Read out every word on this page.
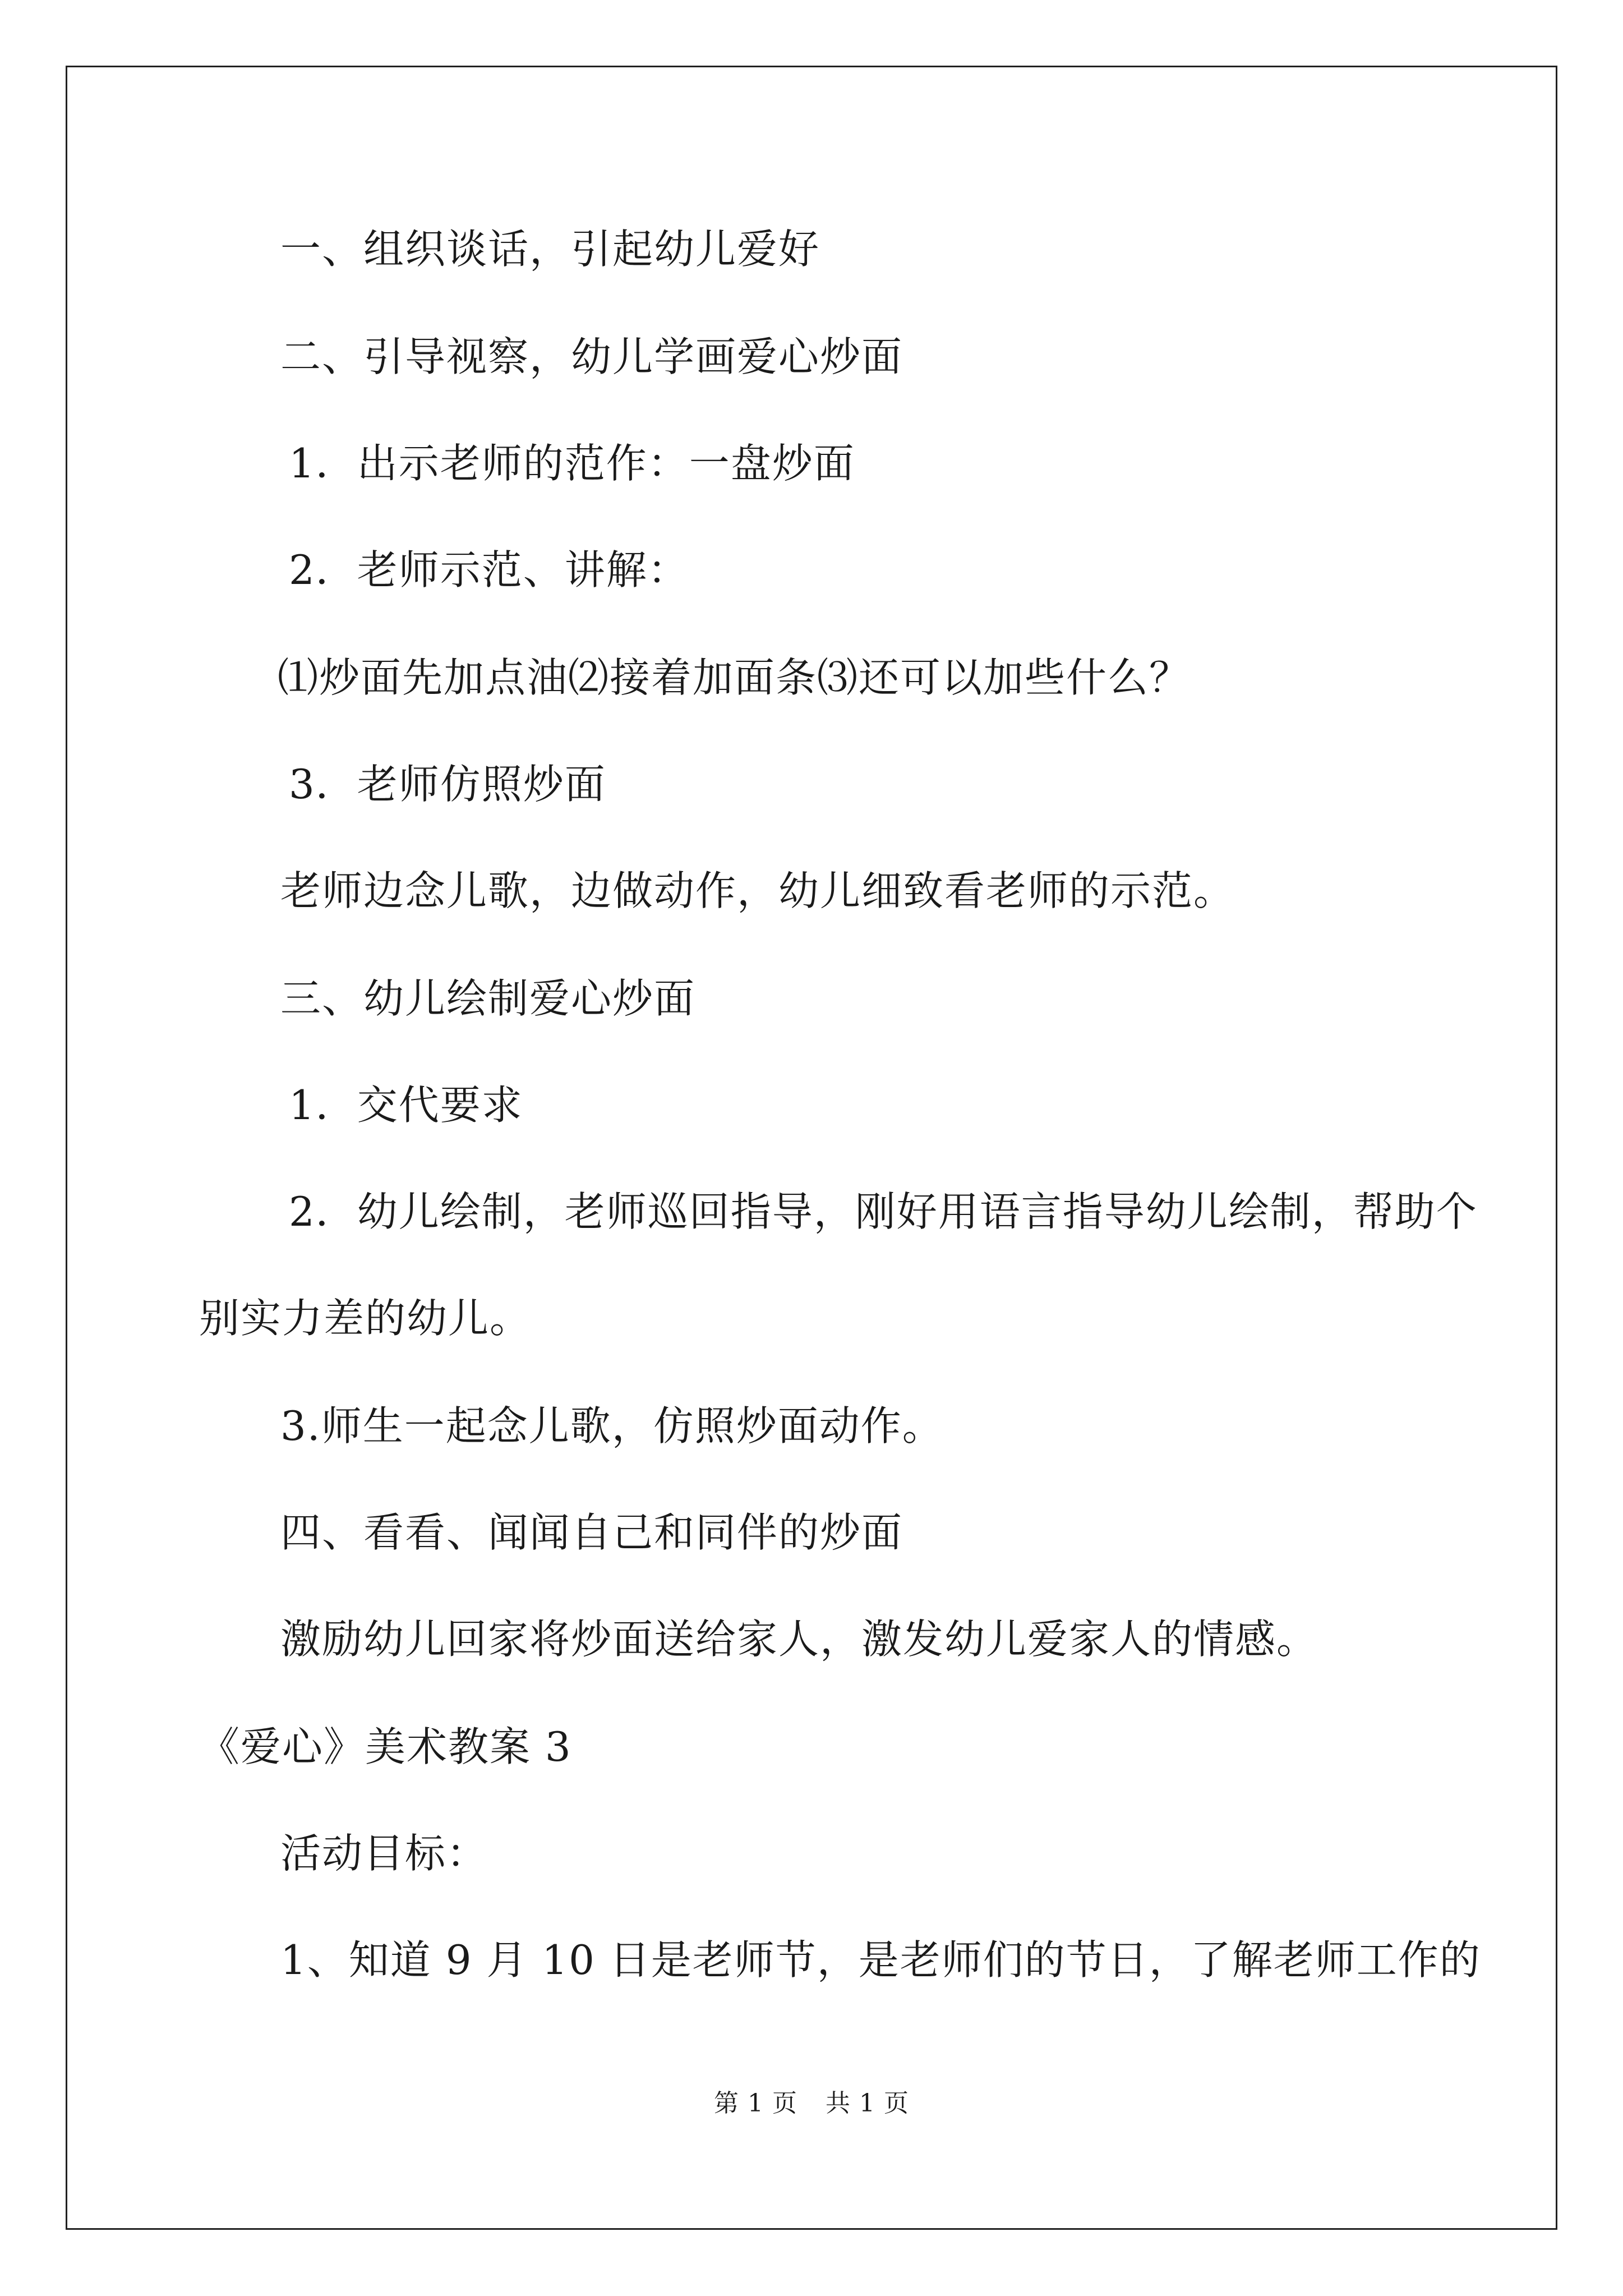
一、组织谈话，引起幼儿爱好
二、引导视察，幼儿学画爱心炒面
1．出示老师的范作：一盘炒面
2．老师示范、讲解：
⑴炒面先加点油⑵接着加面条⑶还可以加些什么？
3．老师仿照炒面
老师边念儿歌，边做动作，幼儿细致看老师的示范。
三、幼儿绘制爱心炒面
1．交代要求
2．幼儿绘制，老师巡回指导，刚好用语言指导幼儿绘制，帮助个
别实力差的幼儿。
3.师生一起念儿歌，仿照炒面动作。
四、看看、闻闻自己和同伴的炒面
激励幼儿回家将炒面送给家人，激发幼儿爱家人的情感。
《爱心》美术教案 3
活动目标：
1、知道 9 月 10 日是老师节，是老师们的节日，了解老师工作的
第 1 页 共 1 页
